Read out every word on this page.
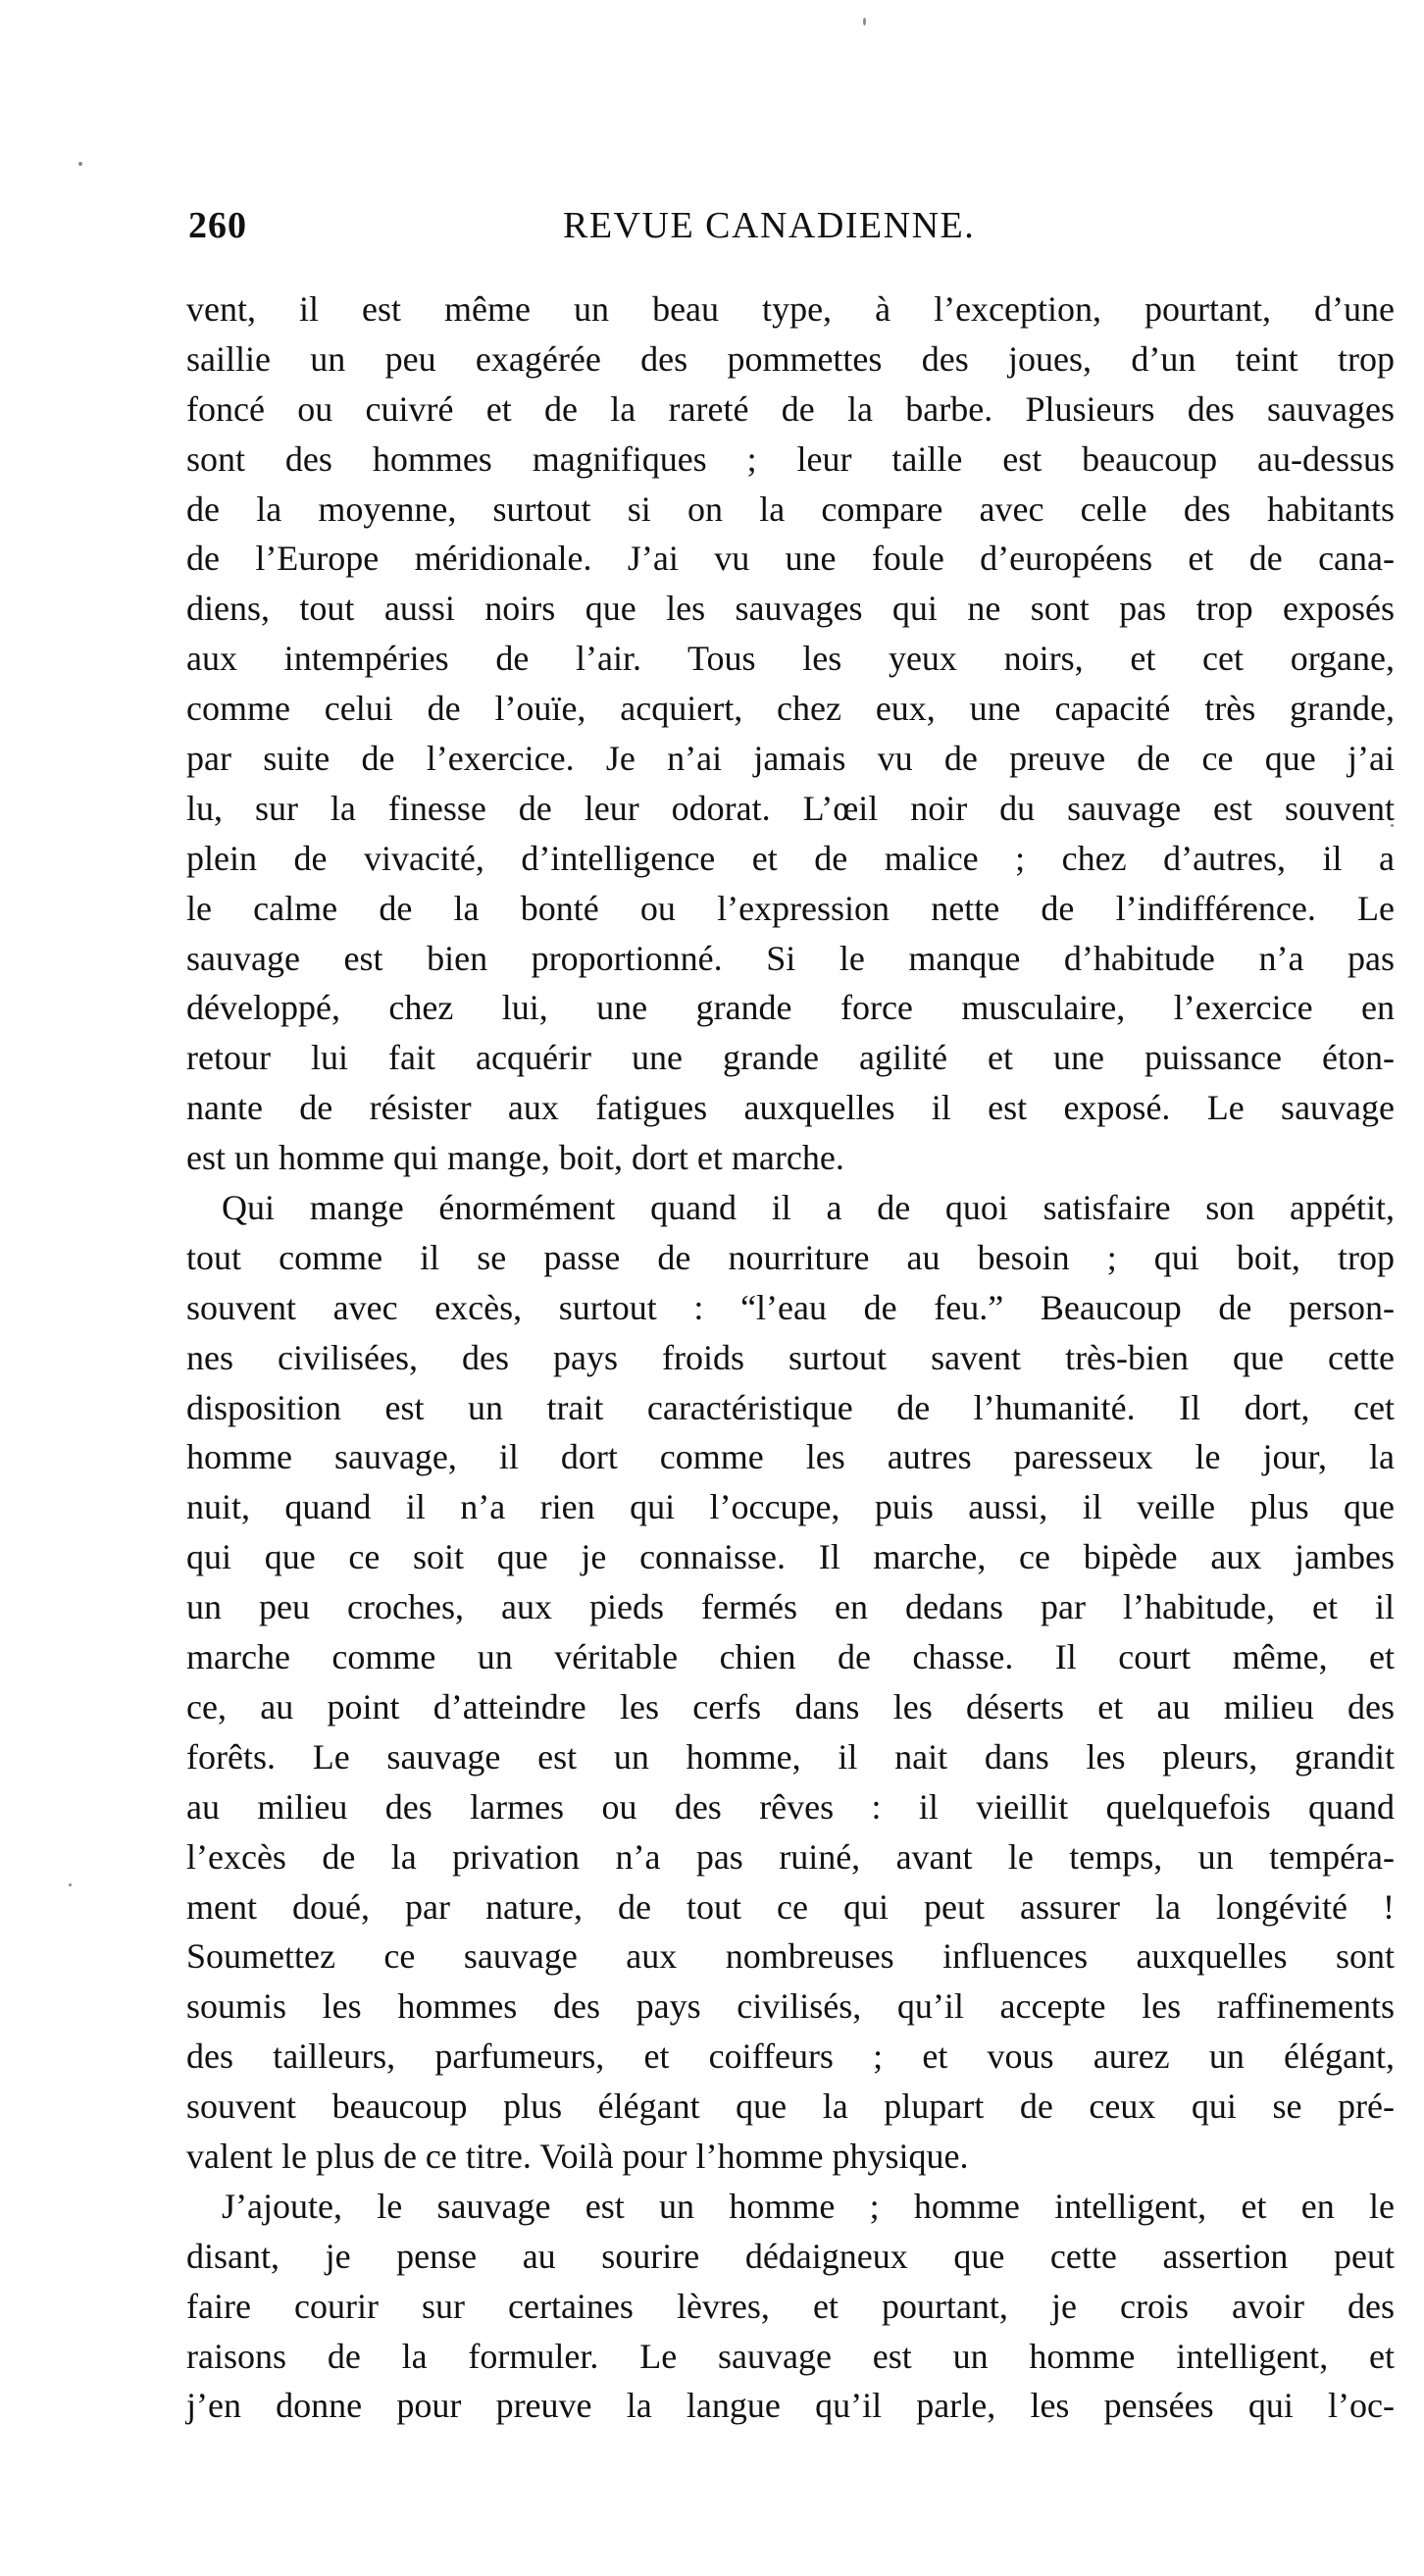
260	REVUE CANADIENNE.
vent, il est même un beau type, à l’exception, pourtant, d’une
saillie un peu exagérée des pommettes des joues, d’un teint trop
foncé ou cuivré et de la rareté de la barbe. Plusieurs des sauvages
sont des hommes magnifiques ; leur taille est beaucoup au-dessus
de la moyenne, surtout si on la compare avec celle des habitants
de l’Europe méridionale. J’ai vu une foule d’européens et de cana-
diens, tout aussi noirs que les sauvages qui ne sont pas trop exposés
aux intempéries de l’air. Tous les yeux noirs, et cet organe,
comme celui de l’ouïe, acquiert, chez eux, une capacité très grande,
par suite de l’exercice. Je n’ai jamais vu de preuve de ce que j’ai
lu, sur la finesse de leur odorat. L’œil noir du sauvage est souvent
plein de vivacité, d’intelligence et de malice ; chez d’autres, il a
le calme de la bonté ou l’expression nette de l’indifférence. Le
sauvage est bien proportionné. Si le manque d’habitude n’a pas
développé, chez lui, une grande force musculaire, l’exercice en
retour lui fait acquérir une grande agilité et une puissance éton-
nante de résister aux fatigues auxquelles il est exposé. Le sauvage
est un homme qui mange, boit, dort et marche.
Qui mange énormément quand il a de quoi satisfaire son appétit,
tout comme il se passe de nourriture au besoin ; qui boit, trop
souvent avec excès, surtout : “l’eau de feu.” Beaucoup de person-
nes civilisées, des pays froids surtout savent très-bien que cette
disposition est un trait caractéristique de l’humanité. Il dort, cet
homme sauvage, il dort comme les autres paresseux le jour, la
nuit, quand il n’a rien qui l’occupe, puis aussi, il veille plus que
qui que ce soit que je connaisse. Il marche, ce bipède aux jambes
un peu croches, aux pieds fermés en dedans par l’habitude, et il
marche comme un véritable chien de chasse. Il court même, et
ce, au point d’atteindre les cerfs dans les déserts et au milieu des
forêts. Le sauvage est un homme, il nait dans les pleurs, grandit
au milieu des larmes ou des rêves : il vieillit quelquefois quand
l’excès de la privation n’a pas ruiné, avant le temps, un tempéra-
ment doué, par nature, de tout ce qui peut assurer la longévité !
Soumettez ce sauvage aux nombreuses influences auxquelles sont
soumis les hommes des pays civilisés, qu’il accepte les raffinements
des tailleurs, parfumeurs, et coiffeurs ; et vous aurez un élégant,
souvent beaucoup plus élégant que la plupart de ceux qui se pré-
valent le plus de ce titre. Voilà pour l’homme physique.
J’ajoute, le sauvage est un homme ; homme intelligent, et en le
disant, je pense au sourire dédaigneux que cette assertion peut
faire courir sur certaines lèvres, et pourtant, je crois avoir des
raisons de la formuler. Le sauvage est un homme intelligent, et
j’en donne pour preuve la langue qu’il parle, les pensées qui l’oc-
